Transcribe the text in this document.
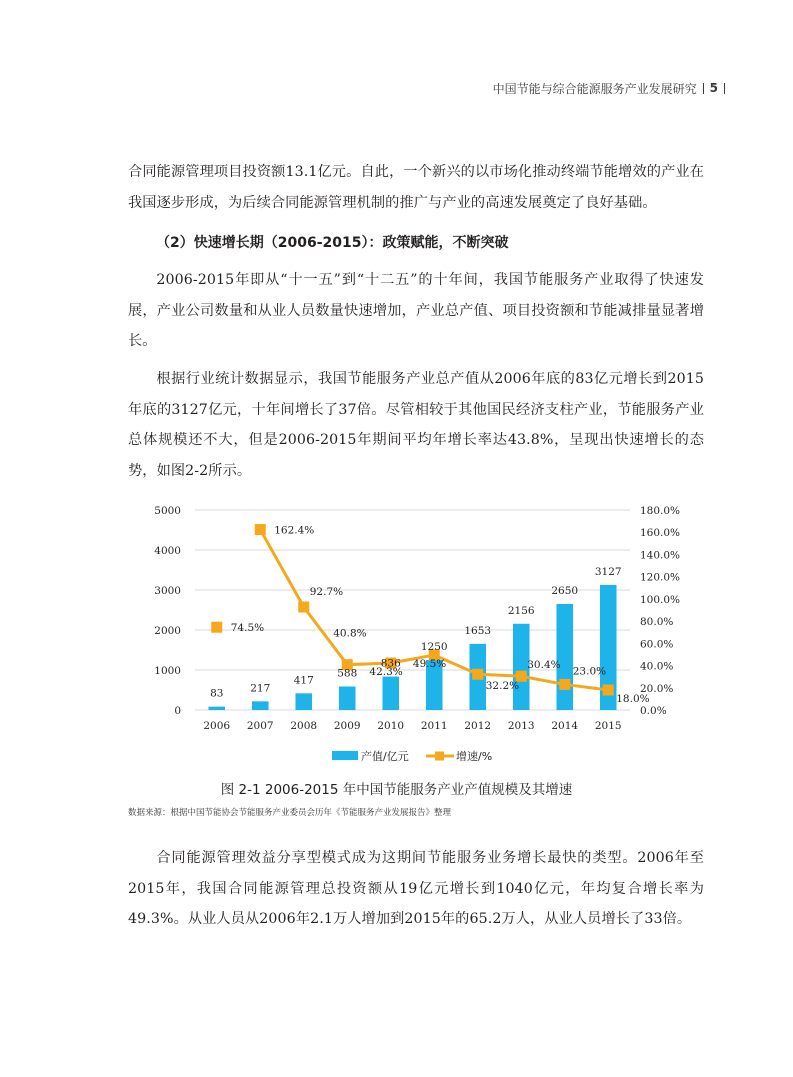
中国节能与综合能源服务产业发展研究 5

合同能源管理项目投资额13.1亿元。自此，一个新兴的以市场化推动终端节能增效的产业在我国逐步形成，为后续合同能源管理机制的推广与产业的高速发展奠定了良好基础。

（2）快速增长期（2006-2015）：政策赋能，不断突破

2006-2015年即从“十一五”到“十二五”的十年间，我国节能服务产业取得了快速发展，产业公司数量和从业人员数量快速增加，产业总产值、项目投资额和节能减排量显著增长。

根据行业统计数据显示，我国节能服务产业总产值从2006年底的83亿元增长到2015年底的3127亿元，十年间增长了37倍。尽管相较于其他国民经济支柱产业，节能服务产业总体规模还不大，但是2006-2015年期间平均年增长率达43.8%，呈现出快速增长的态势，如图2-2所示。

0
1000
2000
3000
4000
5000
0.0%
20.0%
40.0%
60.0%
80.0%
100.0%
120.0%
140.0%
160.0%
180.0%
2006 2007 2008 2009 2010 2011 2012 2013 2014 2015
83	217
417
588
836
1250
1653
2156
2650
3127
74.5%
162.4%
92.7%
40.8%
42.3%
49.5%
32.2%
30.4%
23.0%
18.0%
产值/亿元	增速/%
图 2-1 2006-2015 年中国节能服务产业产值规模及其增速
数据来源：根据中国节能协会节能服务产业委员会历年《节能服务产业发展报告》整理

合同能源管理效益分享型模式成为这期间节能服务业务增长最快的类型。2006年至2015年，我国合同能源管理总投资额从19亿元增长到1040亿元，年均复合增长率为49.3%。从业人员从2006年2.1万人增加到2015年的65.2万人，从业人员增长了33倍。
